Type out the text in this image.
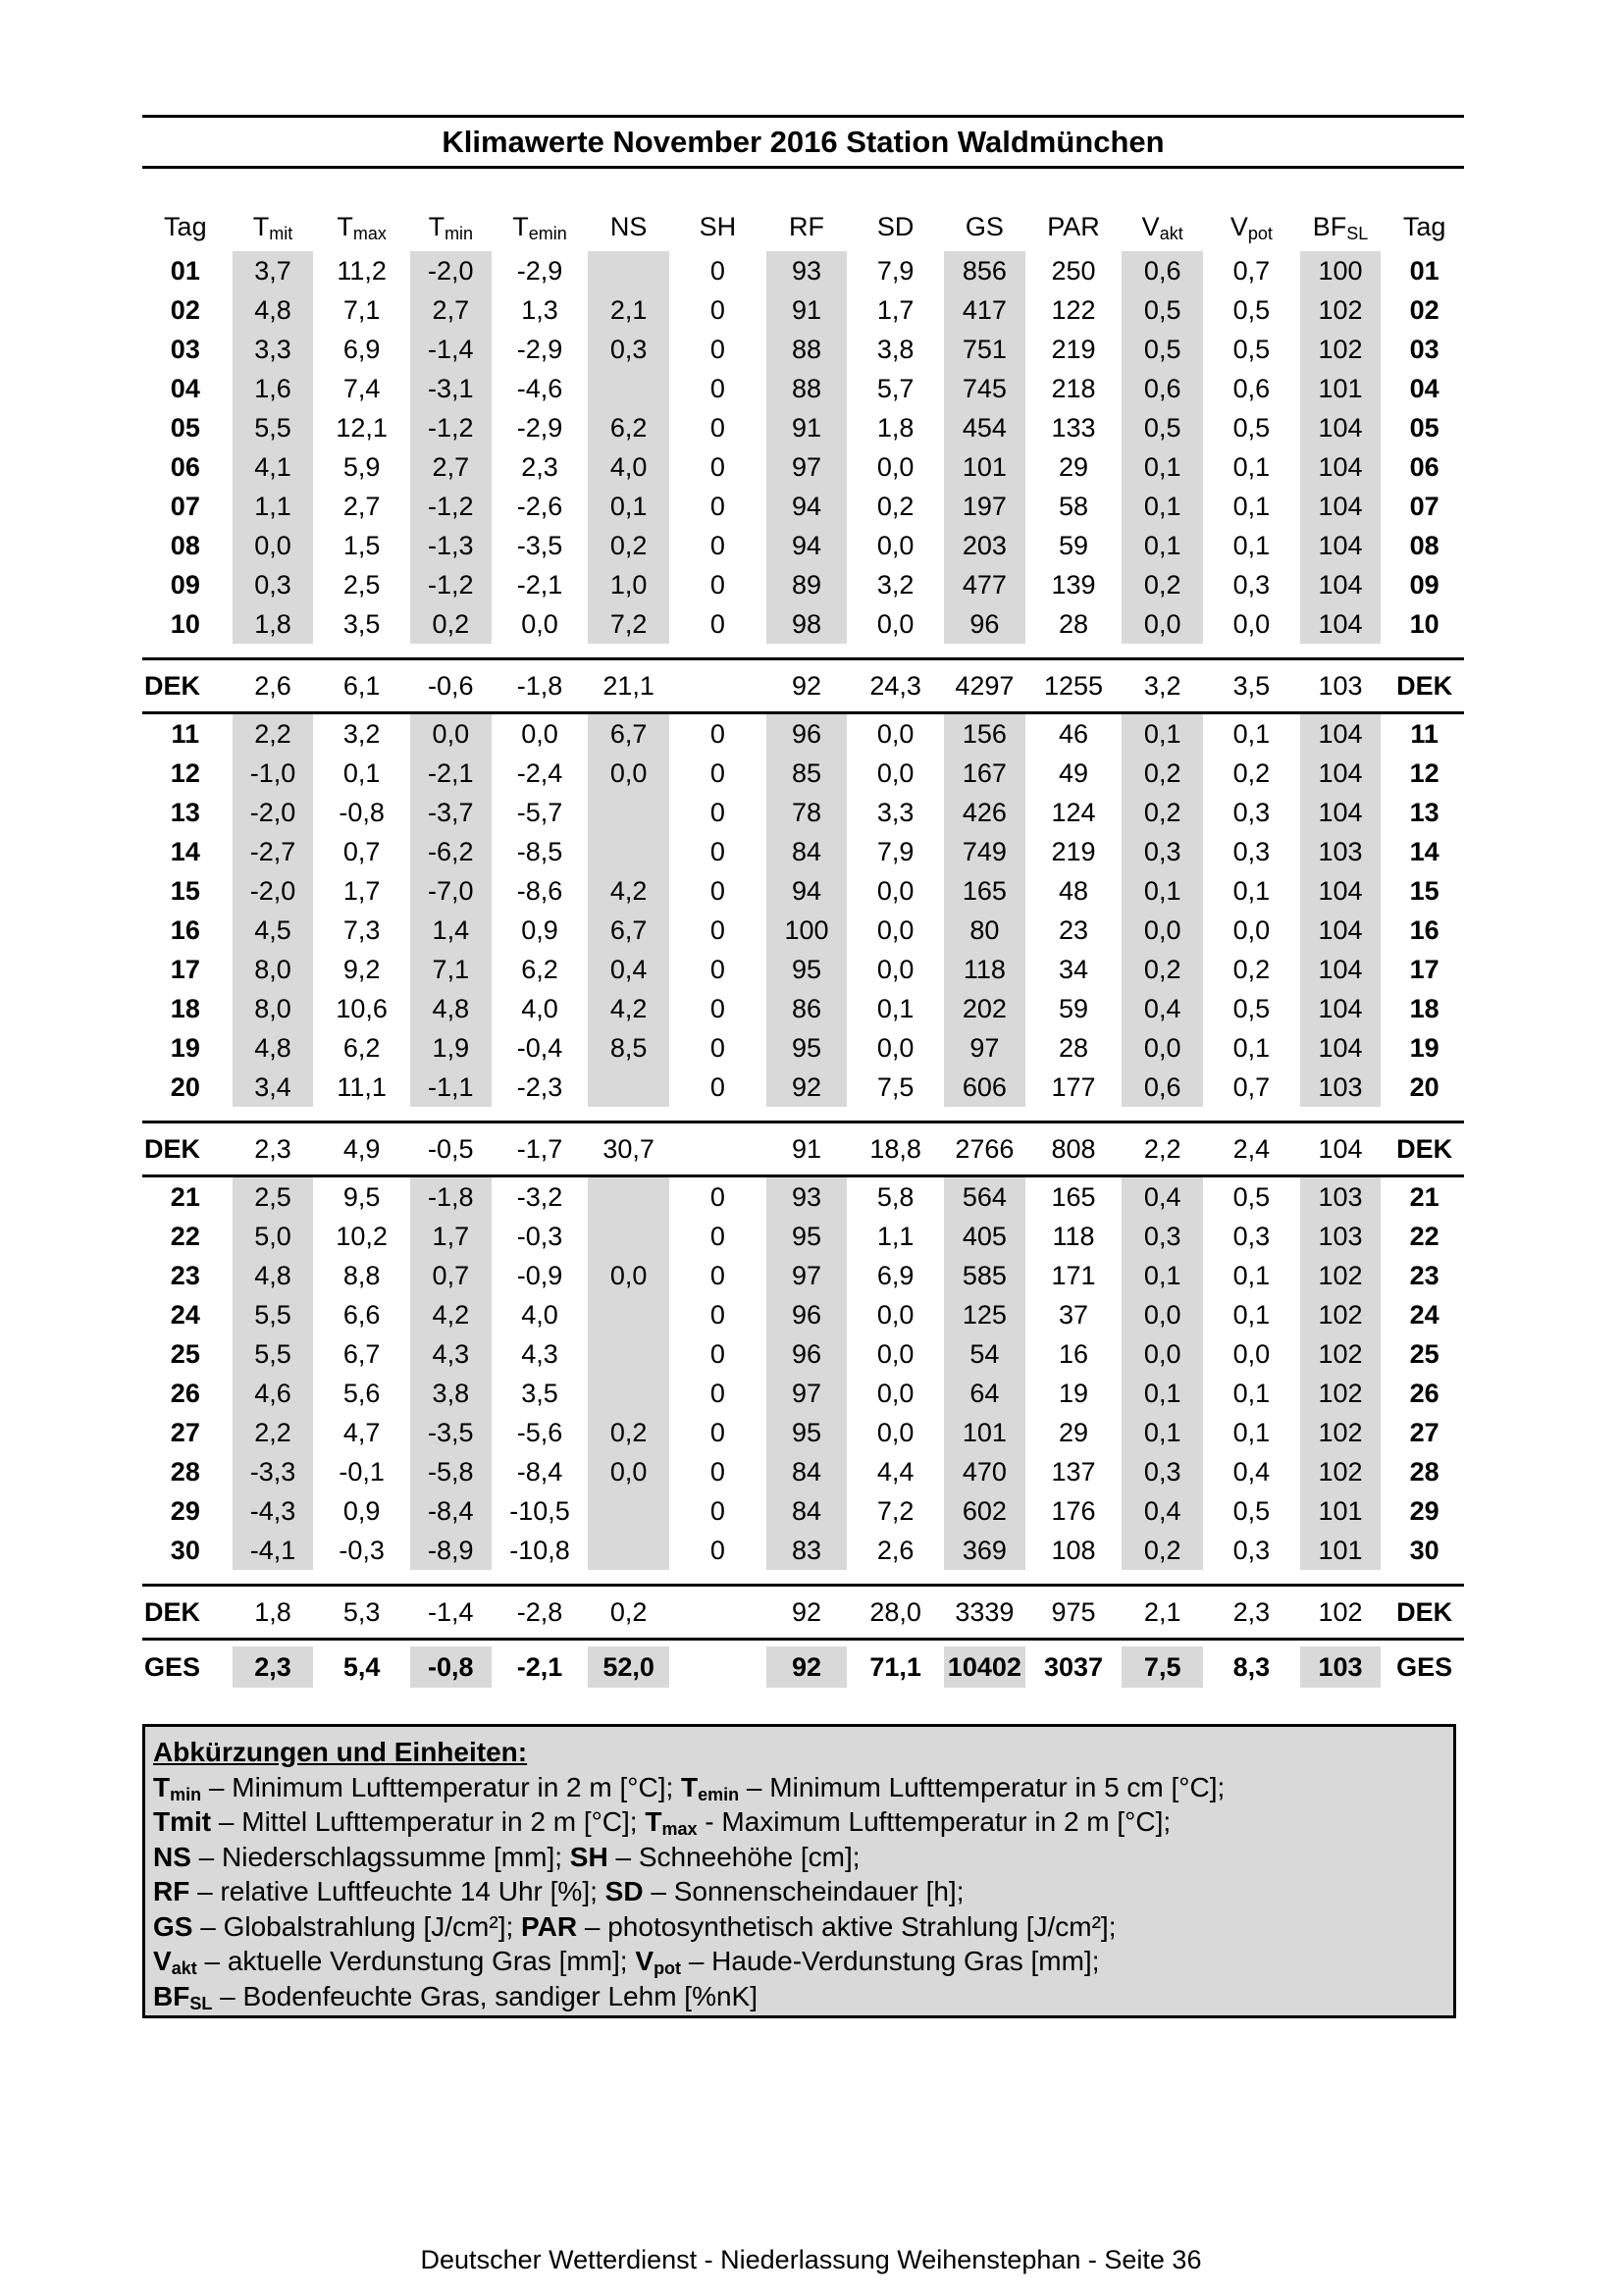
Klimawerte November 2016 Station Waldmünchen
Tag	$T_{mit}$	$T_{max}$	$T_{min}$	$T_{emin}$	NS	SH	RF	SD	GS	PAR	$V_{akt}$	$V_{pot}$	$BF_{SL}$	Tag
01	3,7	11,2	-2,0	-2,9		0	93	7,9	856	250	0,6	0,7	100	01
02	4,8	7,1	2,7	1,3	2,1	0	91	1,7	417	122	0,5	0,5	102	02
03	3,3	6,9	-1,4	-2,9	0,3	0	88	3,8	751	219	0,5	0,5	102	03
04	1,6	7,4	-3,1	-4,6		0	88	5,7	745	218	0,6	0,6	101	04
05	5,5	12,1	-1,2	-2,9	6,2	0	91	1,8	454	133	0,5	0,5	104	05
06	4,1	5,9	2,7	2,3	4,0	0	97	0,0	101	29	0,1	0,1	104	06
07	1,1	2,7	-1,2	-2,6	0,1	0	94	0,2	197	58	0,1	0,1	104	07
08	0,0	1,5	-1,3	-3,5	0,2	0	94	0,0	203	59	0,1	0,1	104	08
09	0,3	2,5	-1,2	-2,1	1,0	0	89	3,2	477	139	0,2	0,3	104	09
10	1,8	3,5	0,2	0,0	7,2	0	98	0,0	96	28	0,0	0,0	104	10

DEK	2,6	6,1	-0,6	-1,8	21,1		92	24,3	4297	1255	3,2	3,5	103	DEK
11	2,2	3,2	0,0	0,0	6,7	0	96	0,0	156	46	0,1	0,1	104	11
12	-1,0	0,1	-2,1	-2,4	0,0	0	85	0,0	167	49	0,2	0,2	104	12
13	-2,0	-0,8	-3,7	-5,7		0	78	3,3	426	124	0,2	0,3	104	13
14	-2,7	0,7	-6,2	-8,5		0	84	7,9	749	219	0,3	0,3	103	14
15	-2,0	1,7	-7,0	-8,6	4,2	0	94	0,0	165	48	0,1	0,1	104	15
16	4,5	7,3	1,4	0,9	6,7	0	100	0,0	80	23	0,0	0,0	104	16
17	8,0	9,2	7,1	6,2	0,4	0	95	0,0	118	34	0,2	0,2	104	17
18	8,0	10,6	4,8	4,0	4,2	0	86	0,1	202	59	0,4	0,5	104	18
19	4,8	6,2	1,9	-0,4	8,5	0	95	0,0	97	28	0,0	0,1	104	19
20	3,4	11,1	-1,1	-2,3		0	92	7,5	606	177	0,6	0,7	103	20

DEK	2,3	4,9	-0,5	-1,7	30,7		91	18,8	2766	808	2,2	2,4	104	DEK
21	2,5	9,5	-1,8	-3,2		0	93	5,8	564	165	0,4	0,5	103	21
22	5,0	10,2	1,7	-0,3		0	95	1,1	405	118	0,3	0,3	103	22
23	4,8	8,8	0,7	-0,9	0,0	0	97	6,9	585	171	0,1	0,1	102	23
24	5,5	6,6	4,2	4,0		0	96	0,0	125	37	0,0	0,1	102	24
25	5,5	6,7	4,3	4,3		0	96	0,0	54	16	0,0	0,0	102	25
26	4,6	5,6	3,8	3,5		0	97	0,0	64	19	0,1	0,1	102	26
27	2,2	4,7	-3,5	-5,6	0,2	0	95	0,0	101	29	0,1	0,1	102	27
28	-3,3	-0,1	-5,8	-8,4	0,0	0	84	4,4	470	137	0,3	0,4	102	28
29	-4,3	0,9	-8,4	-10,5		0	84	7,2	602	176	0,4	0,5	101	29
30	-4,1	-0,3	-8,9	-10,8		0	83	2,6	369	108	0,2	0,3	101	30

DEK	1,8	5,3	-1,4	-2,8	0,2		92	28,0	3339	975	2,1	2,3	102	DEK
GES	2,3	5,4	-0,8	-2,1	52,0		92	71,1	10402	3037	7,5	8,3	103	GES
Abkürzungen und Einheiten:
$T_{min}$ – Minimum Lufttemperatur in 2 m [°C]; $T_{emin}$ – Minimum Lufttemperatur in 5 cm [°C];
Tmit – Mittel Lufttemperatur in 2 m [°C]; $T_{max}$ - Maximum Lufttemperatur in 2 m [°C];
NS – Niederschlagssumme [mm]; SH – Schneehöhe [cm];
RF – relative Luftfeuchte 14 Uhr [%]; SD – Sonnenscheindauer [h];
GS – Globalstrahlung [J/cm²]; PAR – photosynthetisch aktive Strahlung [J/cm²];
$V_{akt}$ – aktuelle Verdunstung Gras [mm]; $V_{pot}$ – Haude-Verdunstung Gras [mm];
$BF_{SL}$ – Bodenfeuchte Gras, sandiger Lehm [%nK]
Deutscher Wetterdienst - Niederlassung Weihenstephan - Seite 36
